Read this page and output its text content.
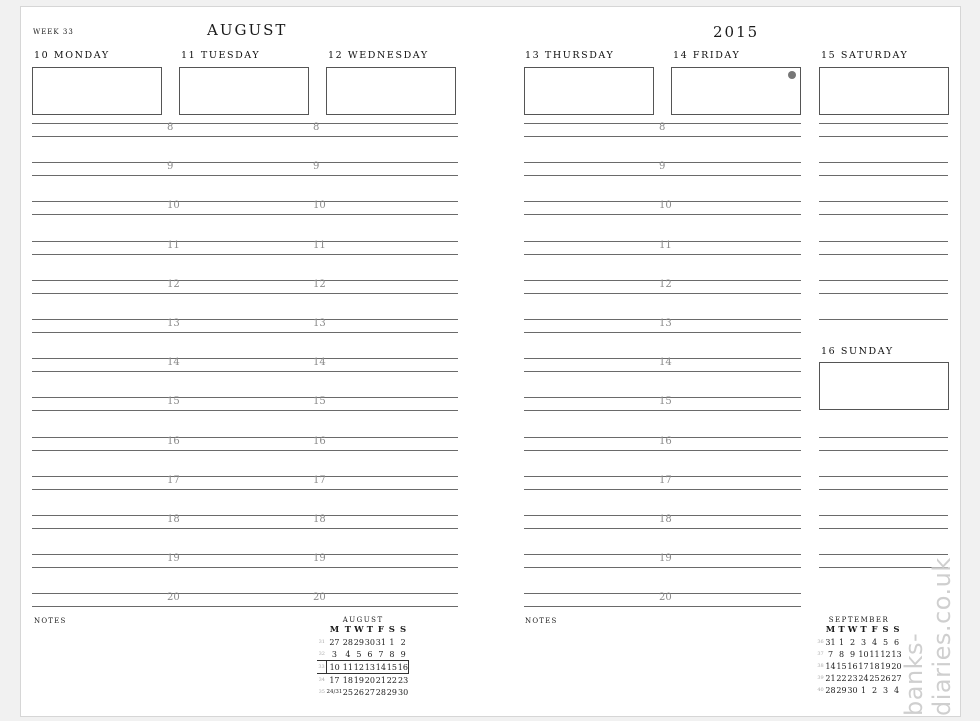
WEEK 33	AUGUST	2015
10 MONDAY	11 TUESDAY	12 WEDNESDAY	13 THURSDAY	14 FRIDAY	15 SATURDAY
16 SUNDAY
8	8	8
9	9	9
10	10	10
11	11	11
12	12	12
13	13	13
14	14	14
15	15	15
16	16	16
17	17	17
18	18	18
19	19	19
20	20	20
NOTES	NOTES
AUGUST
	M	T	W	T	F	S	S
31	27	28	29	30	31	1	2
32	3	4	5	6	7	8	9
33	10	11	12	13	14	15	16
34	17	18	19	20	21	22	23
35	24/31	25	26	27	28	29	30
SEPTEMBER
	M	T	W	T	F	S	S
36	31	1	2	3	4	5	6
37	7	8	9	10	11	12	13
38	14	15	16	17	18	19	20
39	21	22	23	24	25	26	27
40	28	29	30	1	2	3	4 banks-diaries.co.uk
